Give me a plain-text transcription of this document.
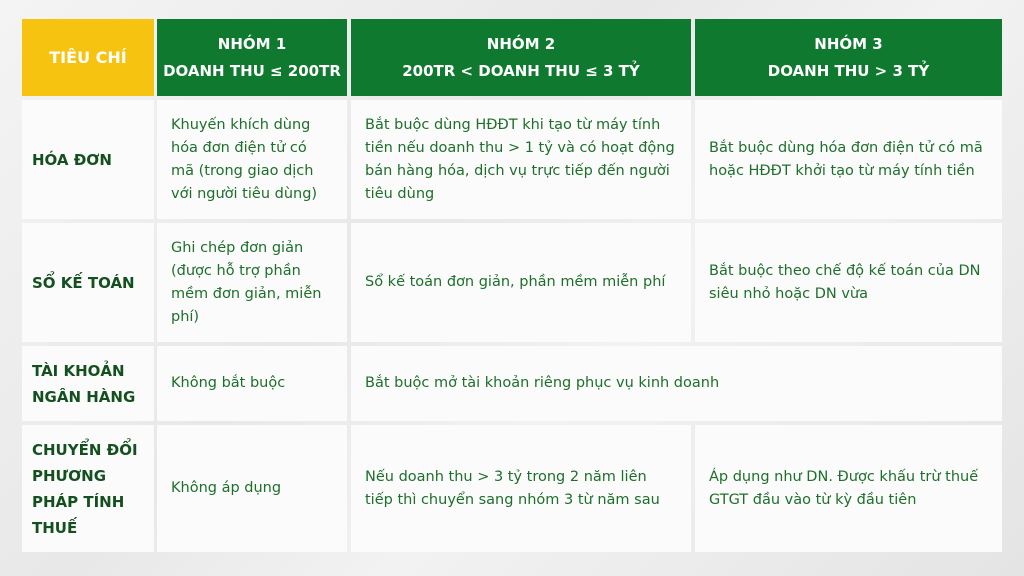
TIÊU CHÍ
NHÓM 1
DOANH THU ≤ 200TR
NHÓM 2
200TR < DOANH THU ≤ 3 TỶ
NHÓM 3
DOANH THU > 3 TỶ
HÓA ĐƠN
Khuyến khích dùng hóa đơn điện tử có mã (trong giao dịch với người tiêu dùng)
Bắt buộc dùng HĐĐT khi tạo từ máy tính tiền nếu doanh thu > 1 tỷ và có hoạt động bán hàng hóa, dịch vụ trực tiếp đến người tiêu dùng
Bắt buộc dùng hóa đơn điện tử có mã hoặc HĐĐT khởi tạo từ máy tính tiền
SỔ KẾ TOÁN
Ghi chép đơn giản (được hỗ trợ phần mềm đơn giản, miễn phí)
Sổ kế toán đơn giản, phần mềm miễn phí
Bắt buộc theo chế độ kế toán của DN siêu nhỏ hoặc DN vừa
TÀI KHOẢN NGÂN HÀNG
Không bắt buộc	Bắt buộc mở tài khoản riêng phục vụ kinh doanh
CHUYỂN ĐỔI PHƯƠNG PHÁP TÍNH THUẾ
Không áp dụng
Nếu doanh thu > 3 tỷ trong 2 năm liên tiếp thì chuyển sang nhóm 3 từ năm sau
Áp dụng như DN. Được khấu trừ thuế GTGT đầu vào từ kỳ đầu tiên
